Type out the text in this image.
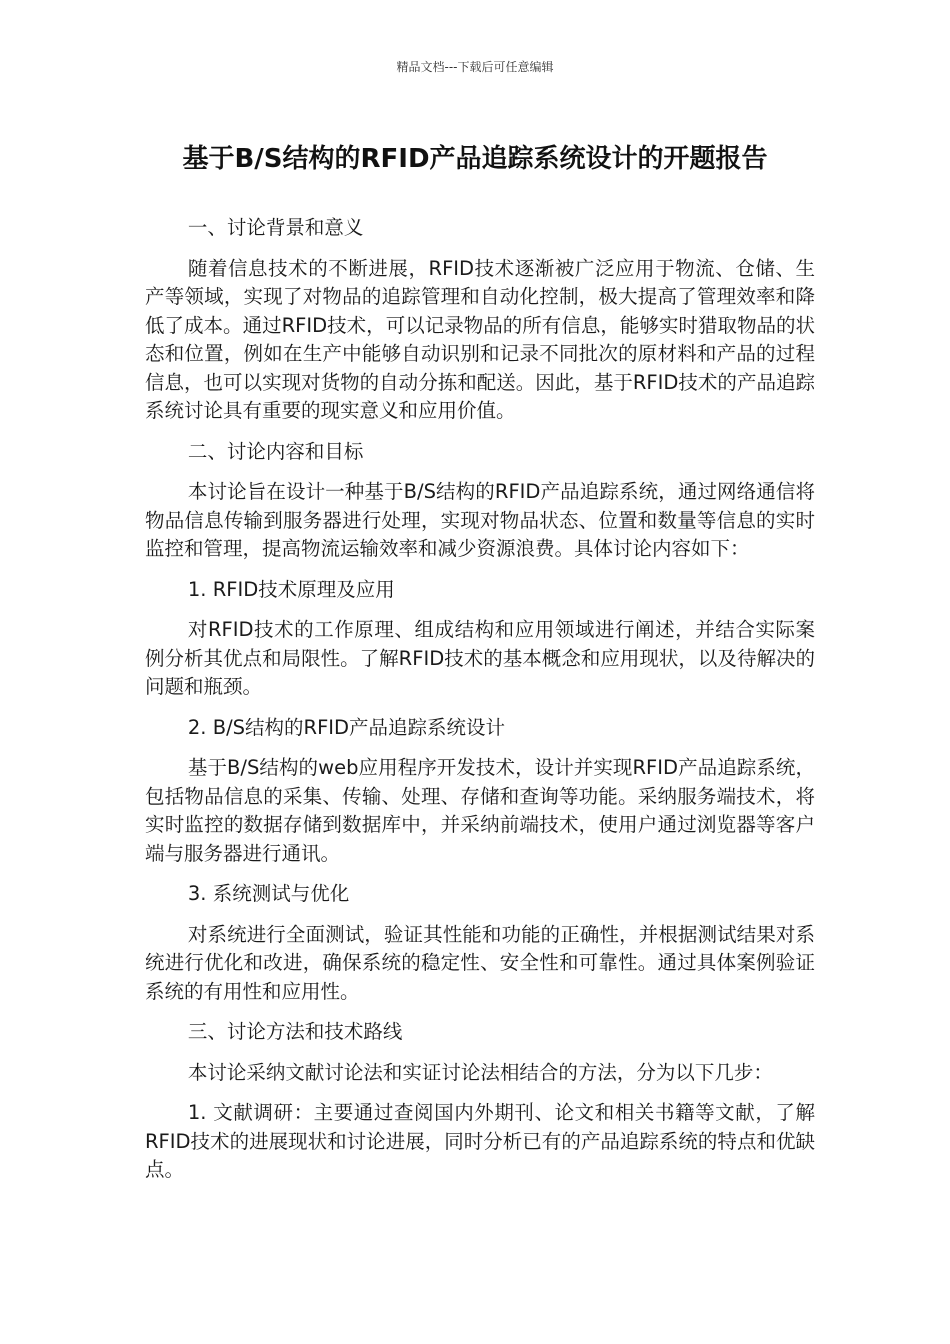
精品文档---下载后可任意编辑
基于B/S结构的RFID产品追踪系统设计的开题报告

一、讨论背景和意义

随着信息技术的不断进展，RFID技术逐渐被广泛应用于物流、仓储、生产等领域，实现了对物品的追踪管理和自动化控制，极大提高了管理效率和降低了成本。通过RFID技术，可以记录物品的所有信息，能够实时猎取物品的状态和位置，例如在生产中能够自动识别和记录不同批次的原材料和产品的过程信息，也可以实现对货物的自动分拣和配送。因此，基于RFID技术的产品追踪系统讨论具有重要的现实意义和应用价值。

二、讨论内容和目标

本讨论旨在设计一种基于B/S结构的RFID产品追踪系统，通过网络通信将物品信息传输到服务器进行处理，实现对物品状态、位置和数量等信息的实时监控和管理，提高物流运输效率和减少资源浪费。具体讨论内容如下：

1. RFID技术原理及应用

对RFID技术的工作原理、组成结构和应用领域进行阐述，并结合实际案例分析其优点和局限性。了解RFID技术的基本概念和应用现状，以及待解决的问题和瓶颈。

2. B/S结构的RFID产品追踪系统设计

基于B/S结构的web应用程序开发技术，设计并实现RFID产品追踪系统，包括物品信息的采集、传输、处理、存储和查询等功能。采纳服务端技术，将实时监控的数据存储到数据库中，并采纳前端技术，使用户通过浏览器等客户端与服务器进行通讯。

3. 系统测试与优化

对系统进行全面测试，验证其性能和功能的正确性，并根据测试结果对系统进行优化和改进，确保系统的稳定性、安全性和可靠性。通过具体案例验证系统的有用性和应用性。

三、讨论方法和技术路线

本讨论采纳文献讨论法和实证讨论法相结合的方法，分为以下几步：

1. 文献调研：主要通过查阅国内外期刊、论文和相关书籍等文献，了解RFID技术的进展现状和讨论进展，同时分析已有的产品追踪系统的特点和优缺点。
